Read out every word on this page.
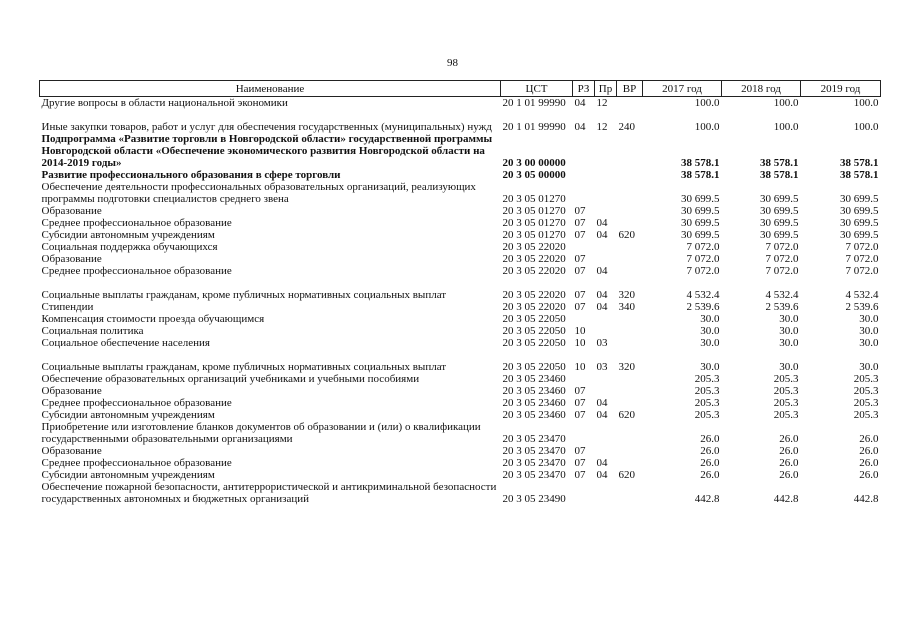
98
Наименование	ЦСТ	РЗ	Пр	ВР	2017 год	2018 год	2019 год
Другие вопросы в области национальной экономики	20 1 01 99990	04	12		100.0	100.0	100.0
Иные закупки товаров, работ и услуг для обеспечения государственных (муниципальных) нужд	20 1 01 99990	04	12	240	100.0	100.0	100.0
Подпрограмма «Развитие торговли в Новгородской области» государственной программы Новгородской области «Обеспечение экономического развития Новгородской области на 2014-2019 годы»	20 3 00 00000				38 578.1	38 578.1	38 578.1
Развитие профессионального образования в сфере торговли	20 3 05 00000				38 578.1	38 578.1	38 578.1
Обеспечение деятельности профессиональных образовательных организаций, реализующих программы подготовки специалистов среднего звена	20 3 05 01270				30 699.5	30 699.5	30 699.5
Образование	20 3 05 01270	07			30 699.5	30 699.5	30 699.5
Среднее профессиональное образование	20 3 05 01270	07	04		30 699.5	30 699.5	30 699.5
Субсидии автономным учреждениям	20 3 05 01270	07	04	620	30 699.5	30 699.5	30 699.5
Социальная поддержка обучающихся	20 3 05 22020				7 072.0	7 072.0	7 072.0
Образование	20 3 05 22020	07			7 072.0	7 072.0	7 072.0
Среднее профессиональное образование	20 3 05 22020	07	04		7 072.0	7 072.0	7 072.0
Социальные выплаты гражданам, кроме публичных нормативных социальных выплат	20 3 05 22020	07	04	320	4 532.4	4 532.4	4 532.4
Стипендии	20 3 05 22020	07	04	340	2 539.6	2 539.6	2 539.6
Компенсация стоимости проезда обучающимся	20 3 05 22050				30.0	30.0	30.0
Социальная политика	20 3 05 22050	10			30.0	30.0	30.0
Социальное обеспечение населения	20 3 05 22050	10	03		30.0	30.0	30.0
Социальные выплаты гражданам, кроме публичных нормативных социальных выплат	20 3 05 22050	10	03	320	30.0	30.0	30.0
Обеспечение образовательных организаций учебниками и учебными пособиями	20 3 05 23460				205.3	205.3	205.3
Образование	20 3 05 23460	07			205.3	205.3	205.3
Среднее профессиональное образование	20 3 05 23460	07	04		205.3	205.3	205.3
Субсидии автономным учреждениям	20 3 05 23460	07	04	620	205.3	205.3	205.3
Приобретение или изготовление бланков документов об образовании и (или) о квалификации государственными образовательными организациями	20 3 05 23470				26.0	26.0	26.0
Образование	20 3 05 23470	07			26.0	26.0	26.0
Среднее профессиональное образование	20 3 05 23470	07	04		26.0	26.0	26.0
Субсидии автономным учреждениям	20 3 05 23470	07	04	620	26.0	26.0	26.0
Обеспечение пожарной безопасности, антитеррористической и антикриминальной безопасности государственных автономных и бюджетных организаций	20 3 05 23490				442.8	442.8	442.8
